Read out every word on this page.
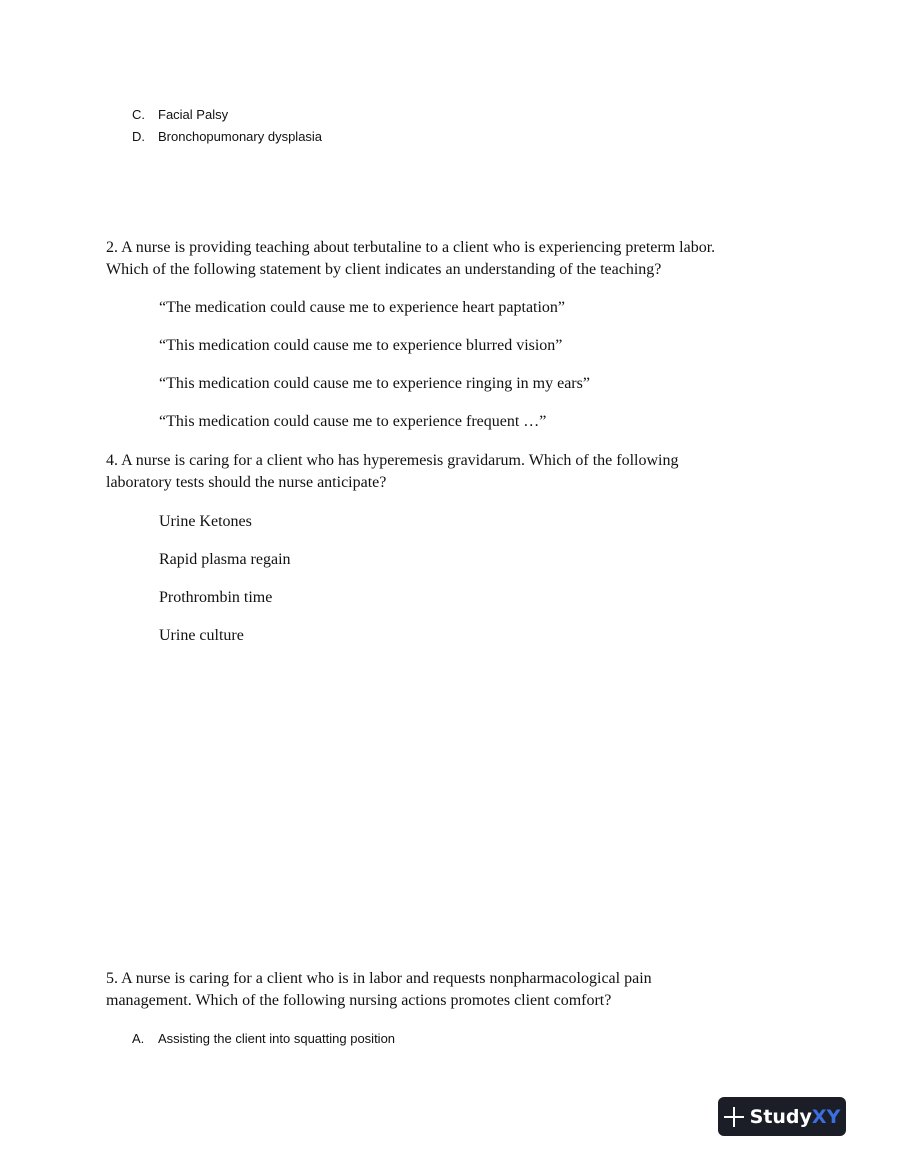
C. Facial Palsy
D. Bronchopumonary dysplasia
2. A nurse is providing teaching about terbutaline to a client who is experiencing preterm labor.
Which of the following statement by client indicates an understanding of the teaching?
“The medication could cause me to experience heart paptation”
“This medication could cause me to experience blurred vision”
“This medication could cause me to experience ringing in my ears”
“This medication could cause me to experience frequent …”
4. A nurse is caring for a client who has hyperemesis gravidarum. Which of the following
laboratory tests should the nurse anticipate?
Urine Ketones
Rapid plasma regain
Prothrombin time
Urine culture
5. A nurse is caring for a client who is in labor and requests nonpharmacological pain
management. Which of the following nursing actions promotes client comfort?
A. Assisting the client into squatting position
Study XY
